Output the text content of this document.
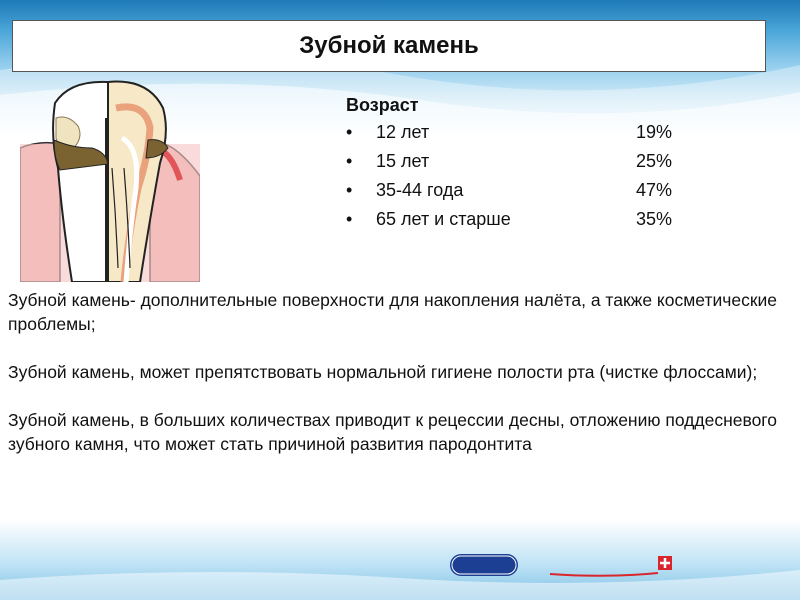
Зубной камень
Возраст
• 12 лет	19%
• 15 лет	25%
• 35-44 года	47%
• 65 лет и старше	35%

Зубной камень- дополнительные поверхности для накопления налёта, а также косметические проблемы;

Зубной камень, может препятствовать нормальной гигиене полости рта (чистке флоссами);

Зубной камень, в больших количествах приводит к рецессии десны, отложению поддесневого зубного камня, что может стать причиной развития пародонтита
